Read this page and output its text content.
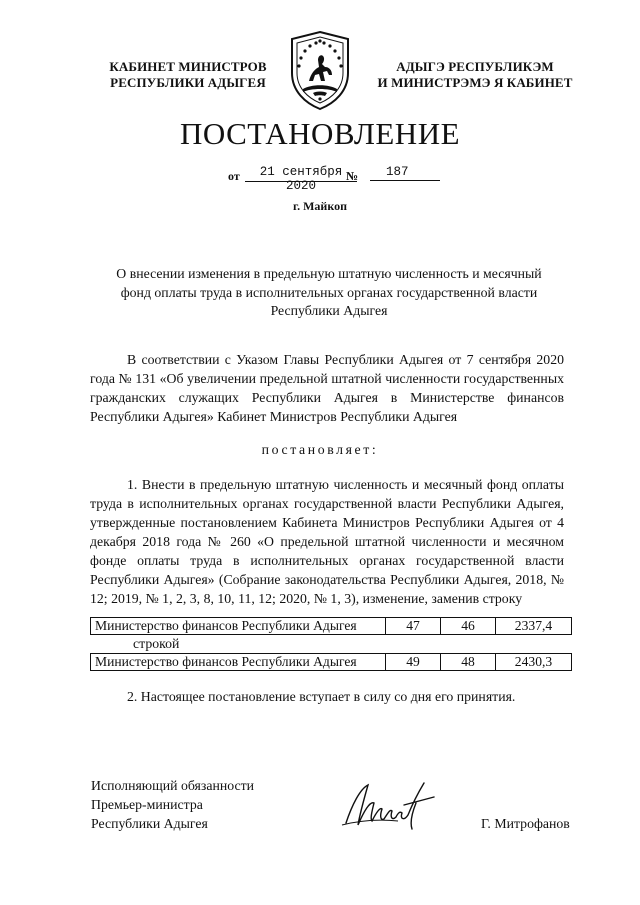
КАБИНЕТ МИНИСТРОВ
РЕСПУБЛИКИ АДЫГЕЯ
АДЫГЭ РЕСПУБЛИКЭМ
И МИНИСТРЭМЭ Я КАБИНЕТ
ПОСТАНОВЛЕНИЕ
от	21 сентября 2020
№	187
г. Майкоп
О внесении изменения в предельную штатную численность и месячный фонд оплаты труда в исполнительных органах государственной власти Республики Адыгея
В соответствии с Указом Главы Республики Адыгея от 7 сентября 2020 года № 131 «Об увеличении предельной штатной численности государственных гражданских служащих Республики Адыгея в Министерстве финансов Республики Адыгея» Кабинет Министров Республики Адыгея
постановляет:
1. Внести в предельную штатную численность и месячный фонд оплаты труда в исполнительных органах государственной власти Республики Адыгея, утвержденные постановлением Кабинета Министров Республики Адыгея от 4 декабря 2018 года № 260 «О предельной штатной численности и месячном фонде оплаты труда в исполнительных органах государственной власти Республики Адыгея» (Собрание законодательства Республики Адыгея, 2018, № 12; 2019, № 1, 2, 3, 8, 10, 11, 12; 2020, № 1, 3), изменение, заменив строку
Министерство финансов Республики Адыгея	47	46	2337,4
строкой
Министерство финансов Республики Адыгея	49	48	2430,3
2. Настоящее постановление вступает в силу со дня его принятия.
Исполняющий обязанности
Премьер-министра
Республики Адыгея	Г. Митрофанов
